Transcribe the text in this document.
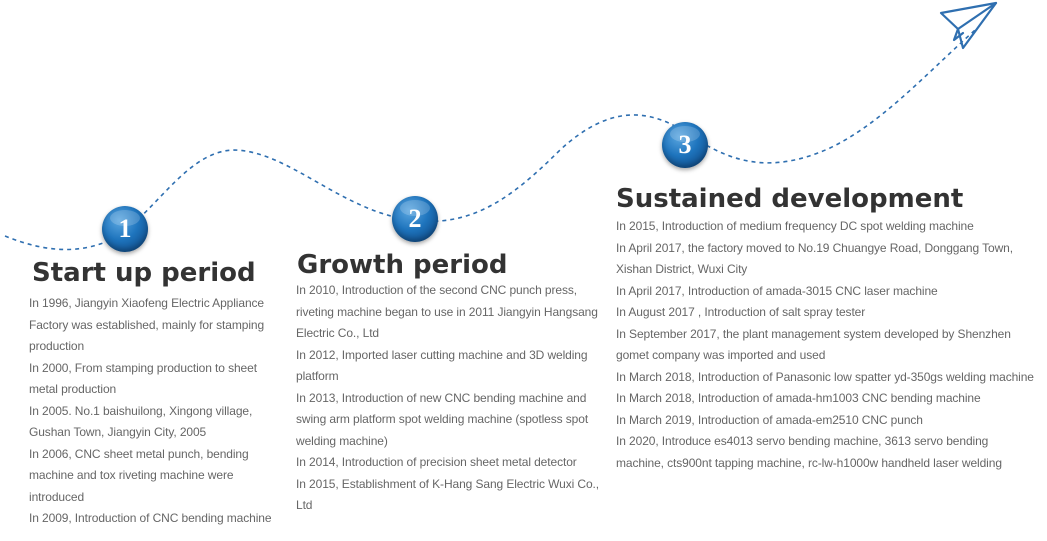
1	2
3
Start up period
In 1996, Jiangyin Xiaofeng Electric Appliance Factory was established, mainly for stamping production
In 2000, From stamping production to sheet metal production
In 2005. No.1 baishuilong, Xingong village, Gushan Town, Jiangyin City, 2005
In 2006, CNC sheet metal punch, bending machine and tox riveting machine were introduced
In 2009, Introduction of CNC bending machine
Growth period
In 2010, Introduction of the second CNC punch press, riveting machine began to use in 2011 Jiangyin Hangsang Electric Co., Ltd
In 2012, Imported laser cutting machine and 3D welding platform
In 2013, Introduction of new CNC bending machine and swing arm platform spot welding machine (spotless spot welding machine)
In 2014, Introduction of precision sheet metal detector
In 2015, Establishment of K-Hang Sang Electric Wuxi Co., Ltd
Sustained development
In 2015, Introduction of medium frequency DC spot welding machine
In April 2017, the factory moved to No.19 Chuangye Road, Donggang Town, Xishan District, Wuxi City
In April 2017, Introduction of amada-3015 CNC laser machine
In August 2017 , Introduction of salt spray tester
In September 2017, the plant management system developed by Shenzhen gomet company was imported and used
In March 2018, Introduction of Panasonic low spatter yd-350gs welding machine
In March 2018, Introduction of amada-hm1003 CNC bending machine
In March 2019, Introduction of amada-em2510 CNC punch
In 2020, Introduce es4013 servo bending machine, 3613 servo bending machine, cts900nt tapping machine, rc-lw-h1000w handheld laser welding
